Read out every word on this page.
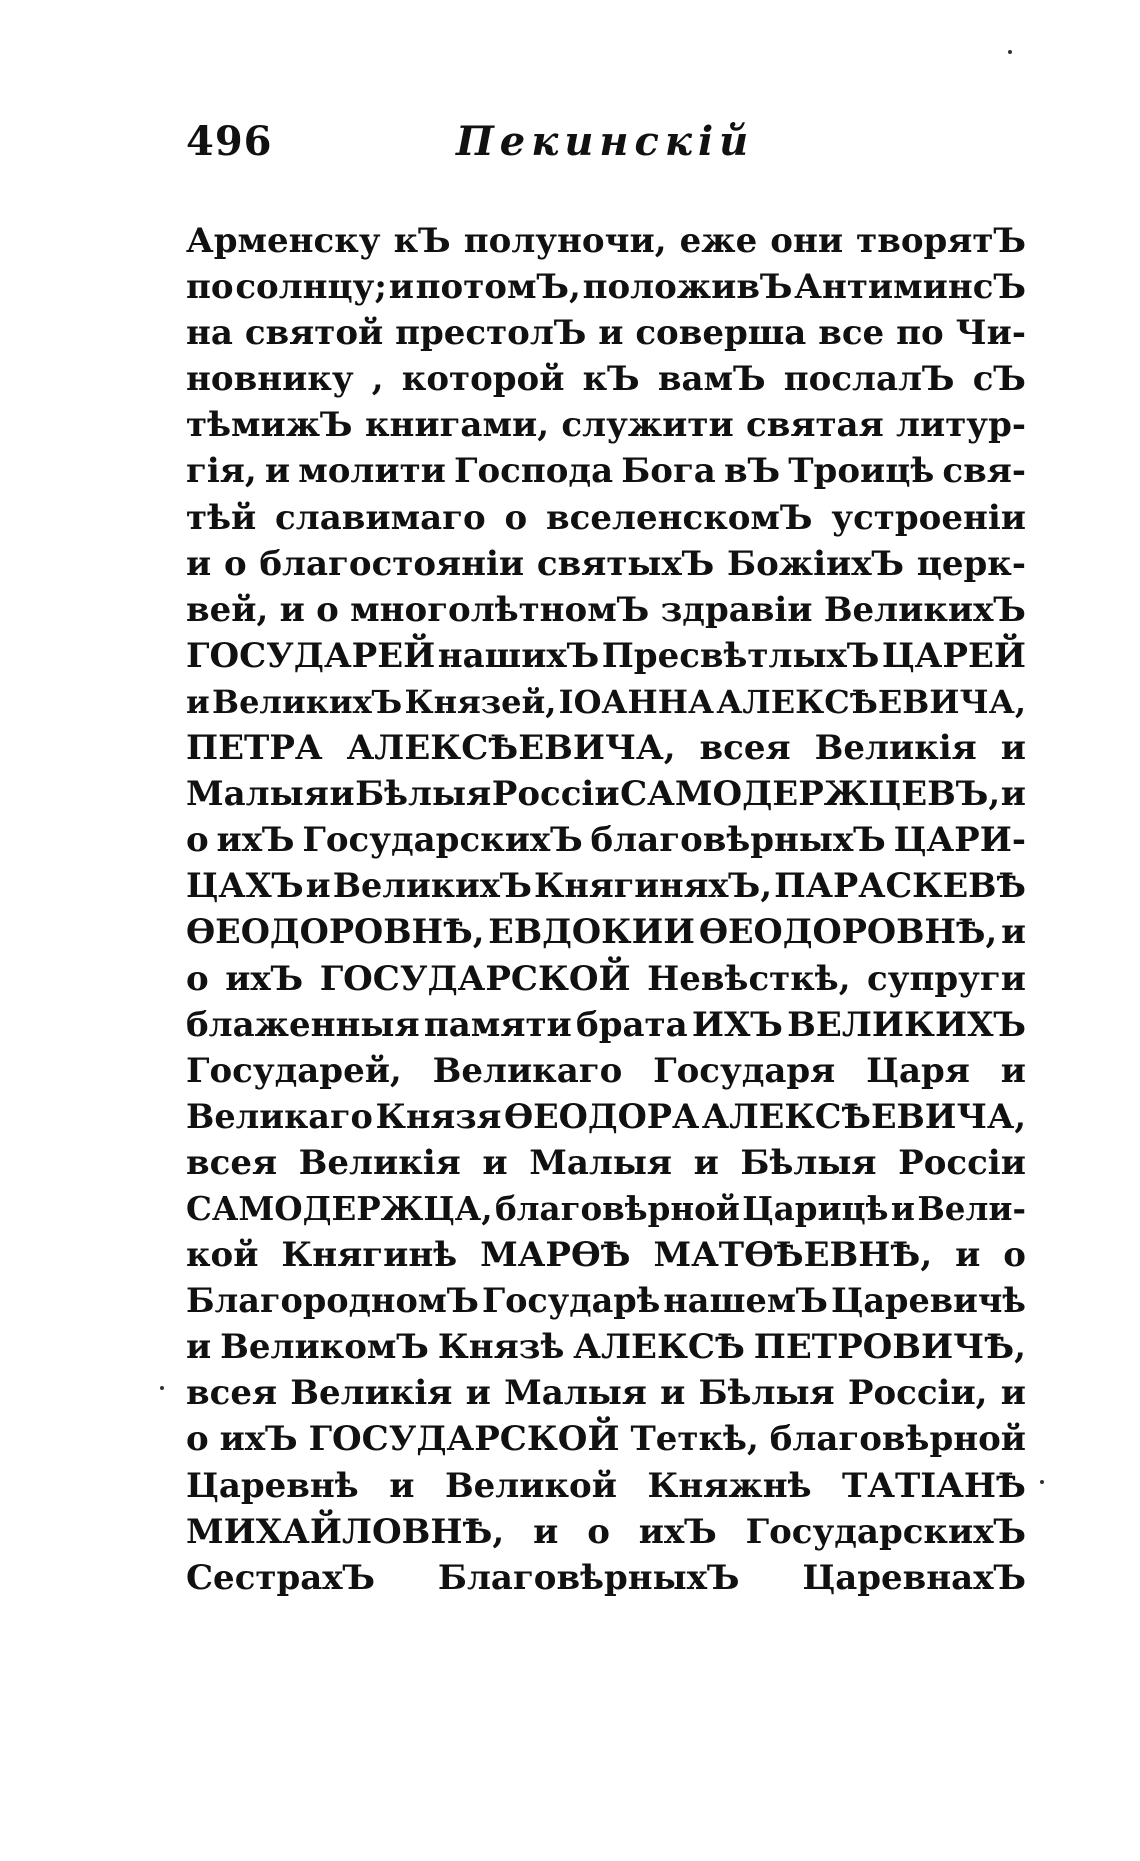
496	Пекинскій
Арменску кЪ полуночи, еже они творятЪ
по солнцу; и потомЪ, положивЪ АнтиминсЪ
на святой престолЪ и соверша все по Чи-
новнику , которой кЪ вамЪ послалЪ сЪ
тѣмижЪ книгами, служити святая литур-
гія, и молити Господа Бога вЪ Троицѣ свя-
тѣй славимаго о вселенскомЪ устроеніи
и о благостояніи святыхЪ БожіихЪ церк-
вей, и о многолѣтномЪ здравіи ВеликихЪ
ГОСУДАРЕЙ нашихЪ ПресвѣтлыхЪ ЦАРЕЙ
и ВеликихЪ Князей, ІОАННА АЛЕКСѢЕВИЧА,
ПЕТРА АЛЕКСѢЕВИЧА, всея Великія и
Малыя и Бѣлыя Россіи САМОДЕРЖЦЕВЪ, и
о ихЪ ГосударскихЪ благовѣрныхЪ ЦАРИ-
ЦАХЪ и ВеликихЪ КнягиняхЪ, ПАРАСКЕВѢ
ѲЕОДОРОВНѢ, ЕВДОКИИ ѲЕОДОРОВНѢ, и
о ихЪ ГОСУДАРСКОЙ Невѣсткѣ, супруги
блаженныя памяти брата ИХЪ ВЕЛИКИХЪ
Государей, Великаго Государя Царя и
Великаго Князя ѲЕОДОРА АЛЕКСѢЕВИЧА,
всея Великія и Малыя и Бѣлыя Россіи
САМОДЕРЖЦА, благовѣрной Царицѣ и Вели-
кой Княгинѣ МАРѲѢ МАТѲѢЕВНѢ, и о
БлагородномЪ Государѣ нашемЪ Царевичѣ
и ВеликомЪ Князѣ АЛЕКСѢ ПЕТРОВИЧѢ,
всея Великія и Малыя и Бѣлыя Россіи, и
о ихЪ ГОСУДАРСКОЙ Теткѣ, благовѣрной
Царевнѣ и Великой Княжнѣ ТАТІАНѢ
МИХАЙЛОВНѢ, и о ихЪ ГосударскихЪ
СестрахЪ БлаговѣрныхЪ ЦаревнахЪ
